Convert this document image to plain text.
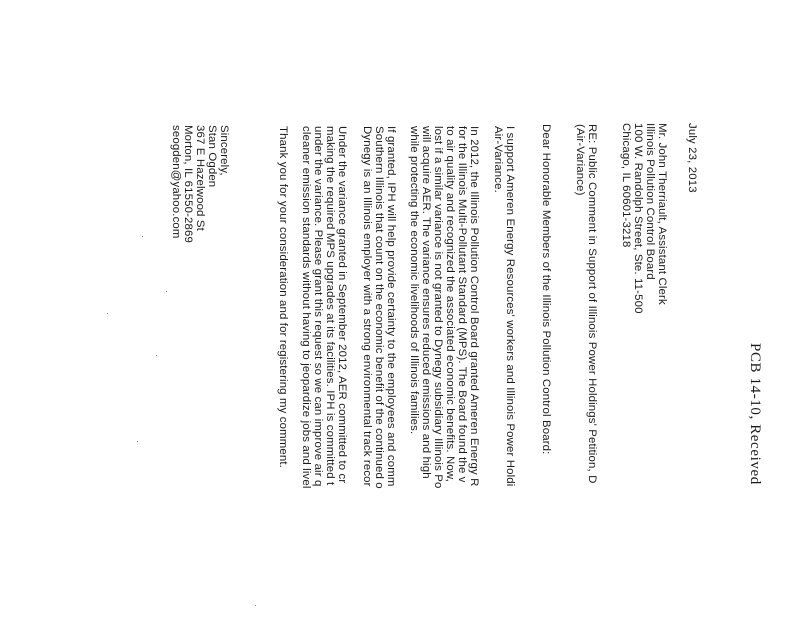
PCB 14-10, Received
July 23, 2013
Mr. John Therriault, Assistant Clerk
Illinois Pollution Control Board
100 W. Randolph Street, Ste. 11-500
Chicago, IL 60601-3218
RE: Public Comment in Support of Illinois Power Holdings' Petition, D
(Air-Variance)
Dear Honorable Members of the Illinois Pollution Control Board:
I support Ameren Energy Resources' workers and Illinois Power Holdi
Air-Variance.
In 2012, the Illinois Pollution Control Board granted Ameren Energy R
for the Illinois Multi-Pollutant Standard (MPS). The Board found the v
to air quality and recognized the associated economic benefits. Now,
lost if a similar variance is not granted to Dynegy subsidiary Illinois Po
will acquire AER. The variance ensures reduced emissions and high
while protecting the economic livelihoods of Illinois families.
If granted, IPH will help provide certainty to the employees and comm
Southern Illinois that count on the economic benefit of the continued o
Dynegy is an Illinois employer with a strong environmental track recor
Under the variance granted in September 2012, AER committed to cr
making the required MPS upgrades at its facilities. IPH is committed t
under the variance. Please grant this request so we can improve air q
cleaner emission standards without having to jeopardize jobs and livel
Thank you for your consideration and for registering my comment.
Sincerely,
Stan Ogden
367 E Hazelwood St
Morton, IL 61550-2869
seogden@yahoo.com
